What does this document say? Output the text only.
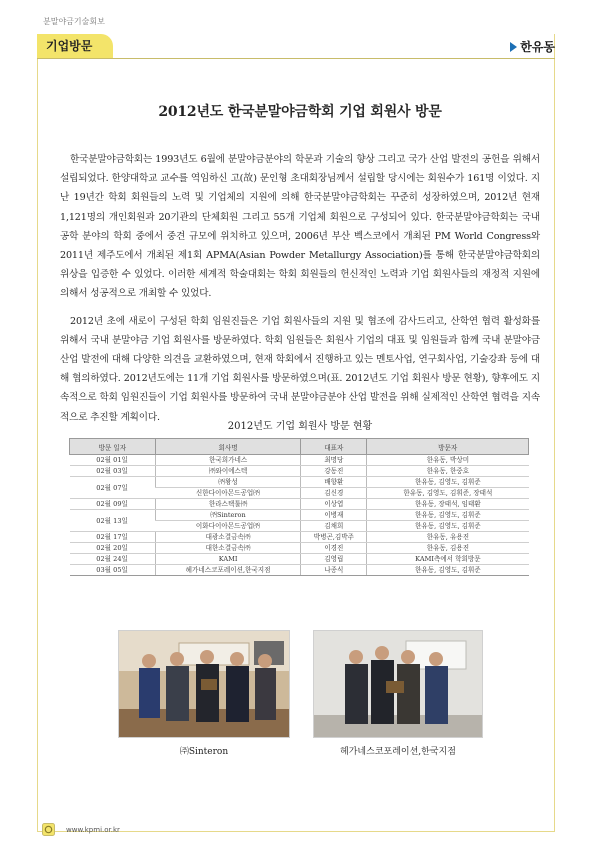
분말야금기술회보
기업방문	한유동
2012년도 한국분말야금학회 기업 회원사 방문

한국분말야금학회는 1993년도 6월에 분말야금분야의 학문과 기술의 향상 그리고 국가 산업 발전의 공헌을 위해서 설립되었다. 한양대학교 교수를 역임하신 고(故) 문인형 초대회장님께서 설립할 당시에는 회원수가 161명 이었다. 지난 19년간 학회 회원들의 노력 및 기업체의 지원에 의해 한국분말야금학회는 꾸준히 성장하였으며, 2012년 현재 1,121명의 개인회원과 20기관의 단체회원 그리고 55개 기업체 회원으로 구성되어 있다. 한국분말야금학회는 국내 공학 분야의 학회 중에서 중견 규모에 위치하고 있으며, 2006년 부산 벡스코에서 개최된 PM World Congress와 2011년 제주도에서 개최된 제1회 APMA(Asian Powder Metallurgy Association)를 통해 한국분말야금학회의 위상을 입증한 수 있었다. 이러한 세계적 학술대회는 학회 회원들의 헌신적인 노력과 기업 회원사들의 재정적 지원에 의해서 성공적으로 개최할 수 있었다.

2012년 초에 새로이 구성된 학회 임원진들은 기업 회원사들의 지원 및 협조에 감사드리고, 산학연 협력 활성화를 위해서 국내 분말야금 기업 회원사를 방문하였다. 학회 임원들은 회원사 기업의 대표 및 임원들과 함께 국내 분말야금 산업 발전에 대해 다양한 의견을 교환하였으며, 현재 학회에서 진행하고 있는 멘토사업, 연구회사업, 기술강좌 등에 대해 협의하였다. 2012년도에는 11개 기업 회원사를 방문하였으며(표. 2012년도 기업 회원사 방문 현황), 향후에도 지속적으로 학회 임원진들이 기업 회원사를 방문하여 국내 분말야금분야 산업 발전을 위해 실제적인 산학연 협력을 지속적으로 추진할 계획이다.

2012년도 기업 회원사 방문 현황
방문 일자	회사명	대표자	방문자
02월 01일	한국희가네스	최명당	한유동, 박상미
02월 03일	㈜와이에스텍	강동진	한유동, 한중호
02월 07일	㈜왕성	배향환	한유동, 김영도, 김휘준
	신한다이아몬드공업㈜	김신경	한유동, 김영도, 김휘준, 장태석
02월 09일	한라스택툴㈜	이상엽	한유동, 장태석, 임태환
02월 13일	㈜Sinteron	이병재	한유동, 김영도, 김휘준
	이화다이아몬드공업㈜	김채희	한유동, 김영도, 김휘준
02월 17일	대광소결금속㈜	박병곤,김박주	한유동, 유용진
02월 20일	대한소결금속㈜	이경진	한유동, 김용진
02월 24일	KAMI	김영립	KAMI측에서 학회방문
03월 05일	헤가네스코포레이션,한국지점	나종식	한유동, 김영도, 김휘준
㈜Sinteron	헤가네스코포레이션,한국지점
www.kpmi.or.kr
